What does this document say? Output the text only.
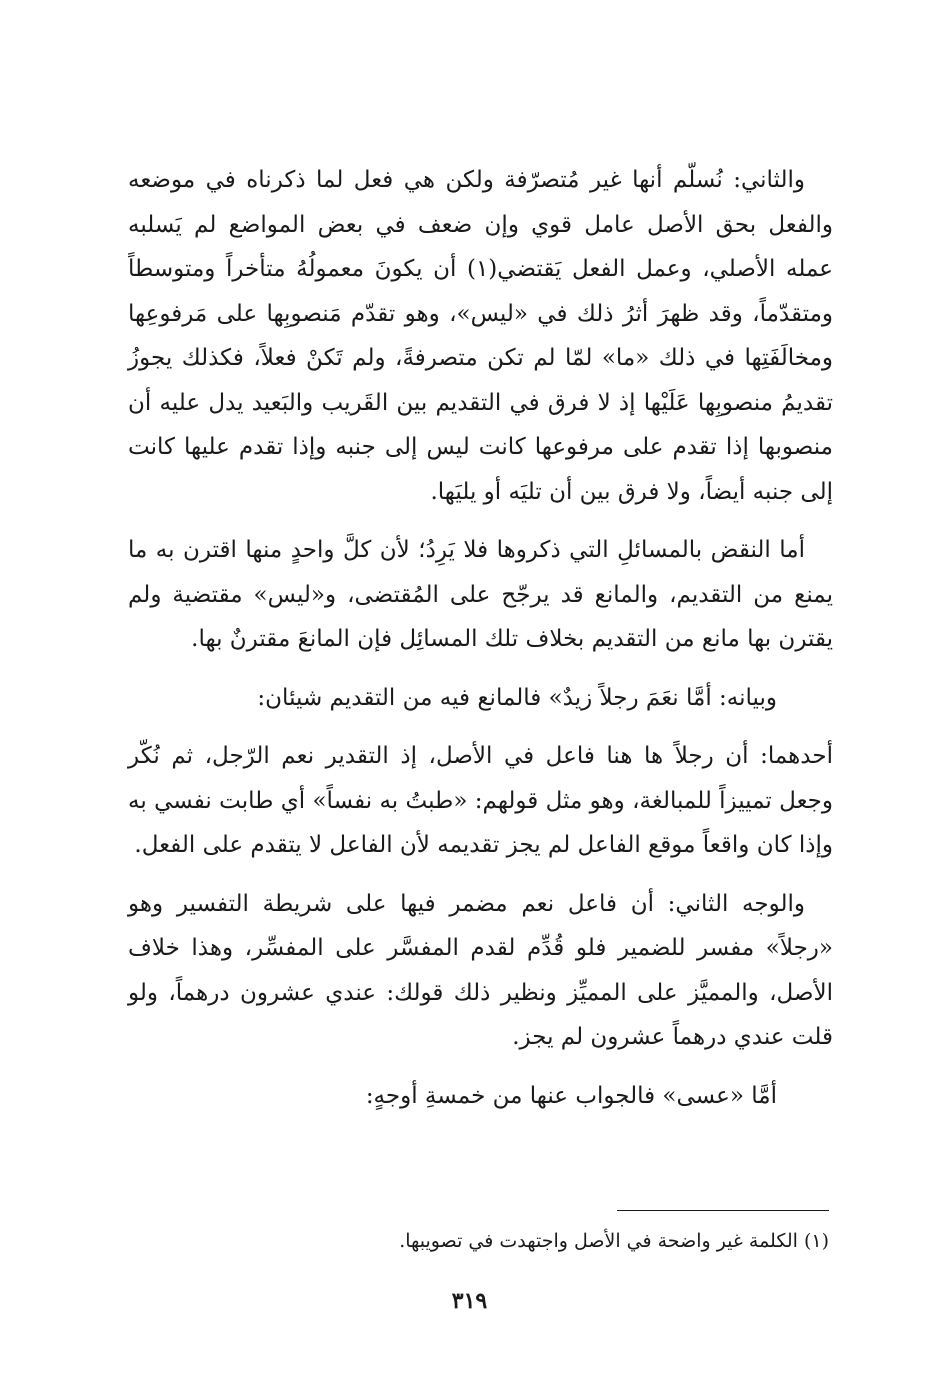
والثاني: نُسلّم أنها غير مُتصرّفة ولكن هي فعل لما ذكرناه في موضعه والفعل بحق الأصل عامل قوي وإن ضعف في بعض المواضع لم يَسلبه عمله الأصلي، وعمل الفعل يَقتضي(١) أن يكونَ معمولُهُ متأخراً ومتوسطاً ومتقدّماً، وقد ظهرَ أثرُ ذلك في «ليس»، وهو تقدّم مَنصوبِها على مَرفوعِها ومخالَفَتِها في ذلك «ما» لمّا لم تكن متصرفةً، ولم تَكنْ فعلاً، فكذلك يجوزُ تقديمُ منصوبِها عَلَيْها إذ لا فرق في التقديم بين القَريب والبَعيد يدل عليه أن منصوبها إذا تقدم على مرفوعها كانت ليس إلى جنبه وإذا تقدم عليها كانت إلى جنبه أيضاً، ولا فرق بين أن تليَه أو يليَها.

أما النقض بالمسائلِ التي ذكروها فلا يَرِدُ؛ لأن كلَّ واحدٍ منها اقترن به ما يمنع من التقديم، والمانع قد يرجّح على المُقتضى، و«ليس» مقتضية ولم يقترن بها مانع من التقديم بخلاف تلك المسائِل فإن المانعَ مقترنٌ بها.

وبيانه: أمَّا نعَمَ رجلاً زيدٌ» فالمانع فيه من التقديم شيئان:

أحدهما: أن رجلاً ها هنا فاعل في الأصل، إذ التقدير نعم الرّجل، ثم نُكّر وجعل تمييزاً للمبالغة، وهو مثل قولهم: «طبتُ به نفساً» أي طابت نفسي به وإذا كان واقعاً موقع الفاعل لم يجز تقديمه لأن الفاعل لا يتقدم على الفعل.

والوجه الثاني: أن فاعل نعم مضمر فيها على شريطة التفسير وهو «رجلاً» مفسر للضمير فلو قُدِّم لقدم المفسَّر على المفسِّر، وهذا خلاف الأصل، والمميَّز على المميِّز ونظير ذلك قولك: عندي عشرون درهماً، ولو قلت عندي درهماً عشرون لم يجز.

أمَّا «عسى» فالجواب عنها من خمسةِ أوجهٍ:

(١) الكلمة غير واضحة في الأصل واجتهدت في تصويبها.

٣١٩
